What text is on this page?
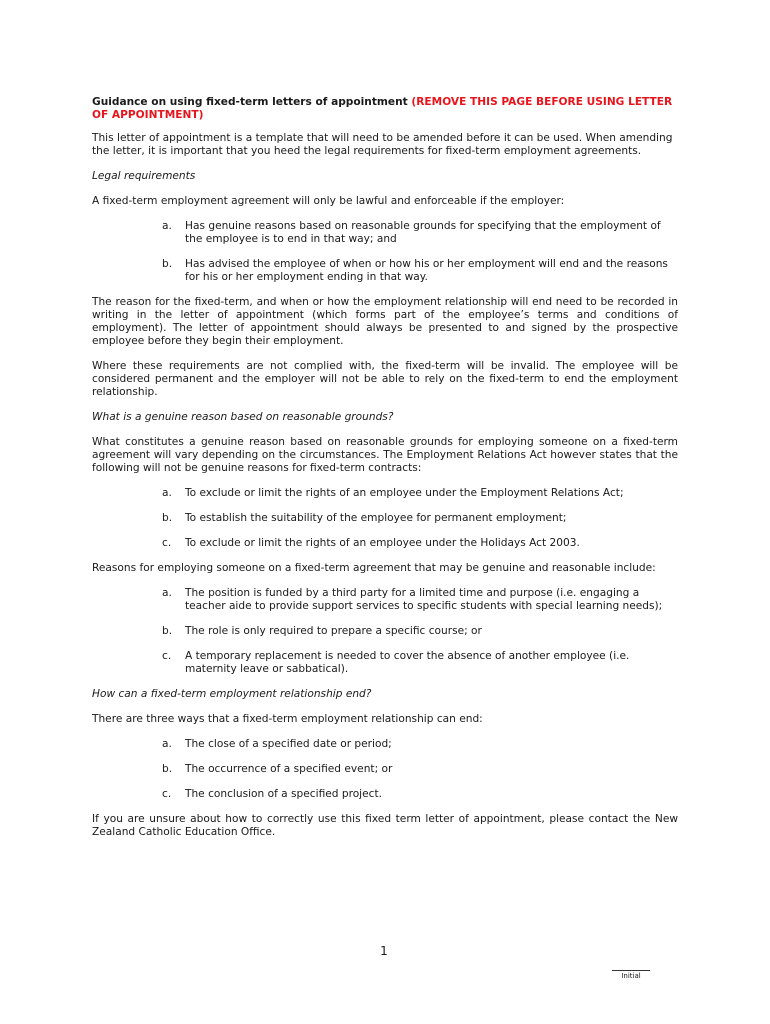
Guidance on using fixed-term letters of appointment (REMOVE THIS PAGE BEFORE USING LETTER OF APPOINTMENT)

This letter of appointment is a template that will need to be amended before it can be used. When amending the letter, it is important that you heed the legal requirements for fixed-term employment agreements.

Legal requirements

A fixed-term employment agreement will only be lawful and enforceable if the employer:

a.	Has genuine reasons based on reasonable grounds for specifying that the employment of the employee is to end in that way; and
b.	Has advised the employee of when or how his or her employment will end and the reasons for his or her employment ending in that way.

The reason for the fixed-term, and when or how the employment relationship will end need to be recorded in writing in the letter of appointment (which forms part of the employee’s terms and conditions of employment). The letter of appointment should always be presented to and signed by the prospective employee before they begin their employment.

Where these requirements are not complied with, the fixed-term will be invalid. The employee will be considered permanent and the employer will not be able to rely on the fixed-term to end the employment relationship.

What is a genuine reason based on reasonable grounds?

What constitutes a genuine reason based on reasonable grounds for employing someone on a fixed-term agreement will vary depending on the circumstances. The Employment Relations Act however states that the following will not be genuine reasons for fixed-term contracts:

a.	To exclude or limit the rights of an employee under the Employment Relations Act;
b.	To establish the suitability of the employee for permanent employment;
c.	To exclude or limit the rights of an employee under the Holidays Act 2003.

Reasons for employing someone on a fixed-term agreement that may be genuine and reasonable include:

a.	The position is funded by a third party for a limited time and purpose (i.e. engaging a teacher aide to provide support services to specific students with special learning needs);
b.	The role is only required to prepare a specific course; or
c.	A temporary replacement is needed to cover the absence of another employee (i.e. maternity leave or sabbatical).
How can a fixed-term employment relationship end?

There are three ways that a fixed-term employment relationship can end:

a.	The close of a specified date or period;
b.	The occurrence of a specified event; or
c.	The conclusion of a specified project.

If you are unsure about how to correctly use this fixed term letter of appointment, please contact the New Zealand Catholic Education Office.

1
Initial
